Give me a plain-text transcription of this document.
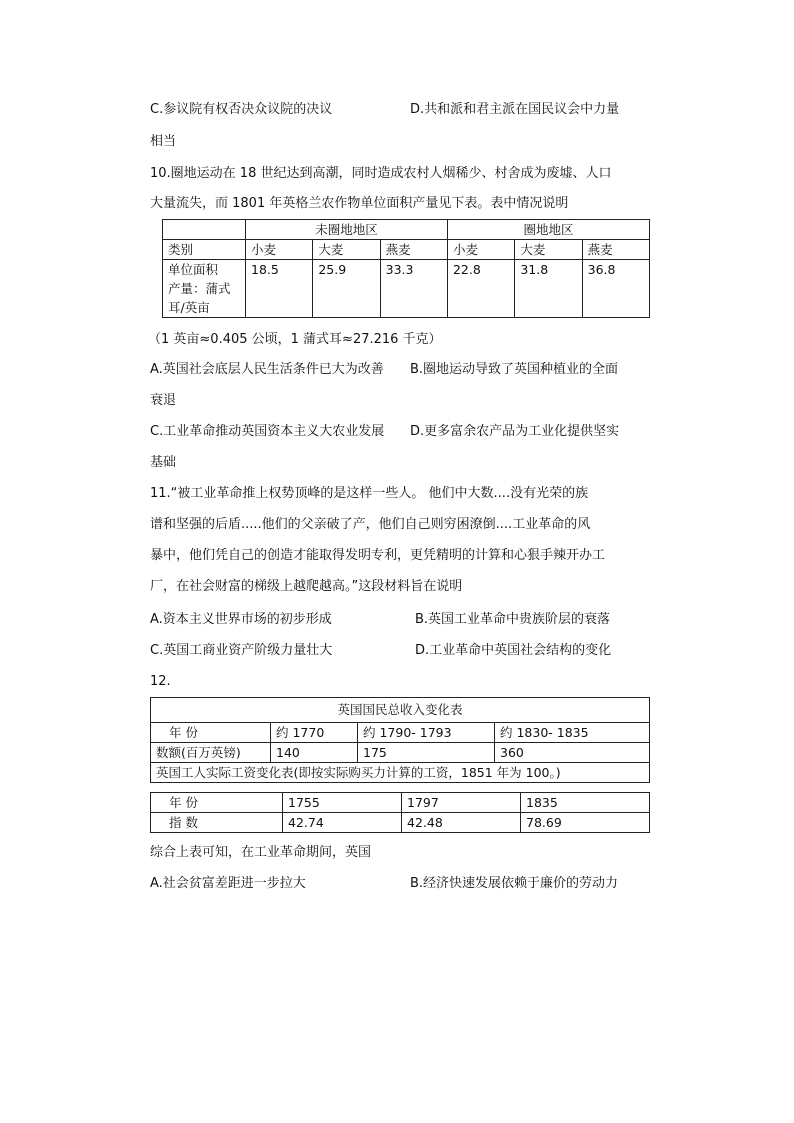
C.参议院有权否决众议院的决议	D.共和派和君主派在国民议会中力量
相当
10.圈地运动在 18 世纪达到高潮，同时造成农村人烟稀少、村舍成为废墟、人口
大量流失，而 1801 年英格兰农作物单位面积产量见下表。表中情况说明
	未圈地地区			圈地地区		
类别	小麦	大麦	燕麦	小麦	大麦	燕麦

单位面积
产量：蒲式
耳/英亩	18.5	25.9	33.3	22.8	31.8	36.8
（1 英亩≈0.405 公顷，1 蒲式耳≈27.216 千克）
A.英国社会底层人民生活条件已大为改善 B.圈地运动导致了英国种植业的全面
衰退
C.工业革命推动英国资本主义大农业发展 D.更多富余农产品为工业化提供坚实
基础
11.“被工业革命推上权势顶峰的是这样一些人。 他们中大数....没有光荣的族
谱和坚强的后盾.....他们的父亲破了产，他们自己则穷困潦倒....工业革命的风
暴中，他们凭自己的创造才能取得发明专利，更凭精明的计算和心狠手辣开办工
厂，在社会财富的梯级上越爬越高。”这段材料旨在说明
A.资本主义世界市场的初步形成	B.英国工业革命中贵族阶层的衰落
C.英国工商业资产阶级力量壮大	D.工业革命中英国社会结构的变化
12.
英国国民总收入变化表			
年 份	约 1770	约 1790- 1793	约 1830- 1835
数额(百万英镑)	140	175	360
英国工人实际工资变化表(即按实际购买力计算的工资，1851 年为 100。)			
年 份	1755	1797	1835
指 数	42.74	42.48	78.69
综合上表可知，在工业革命期间，英国
A.社会贫富差距进一步拉大	B.经济快速发展依赖于廉价的劳动力
